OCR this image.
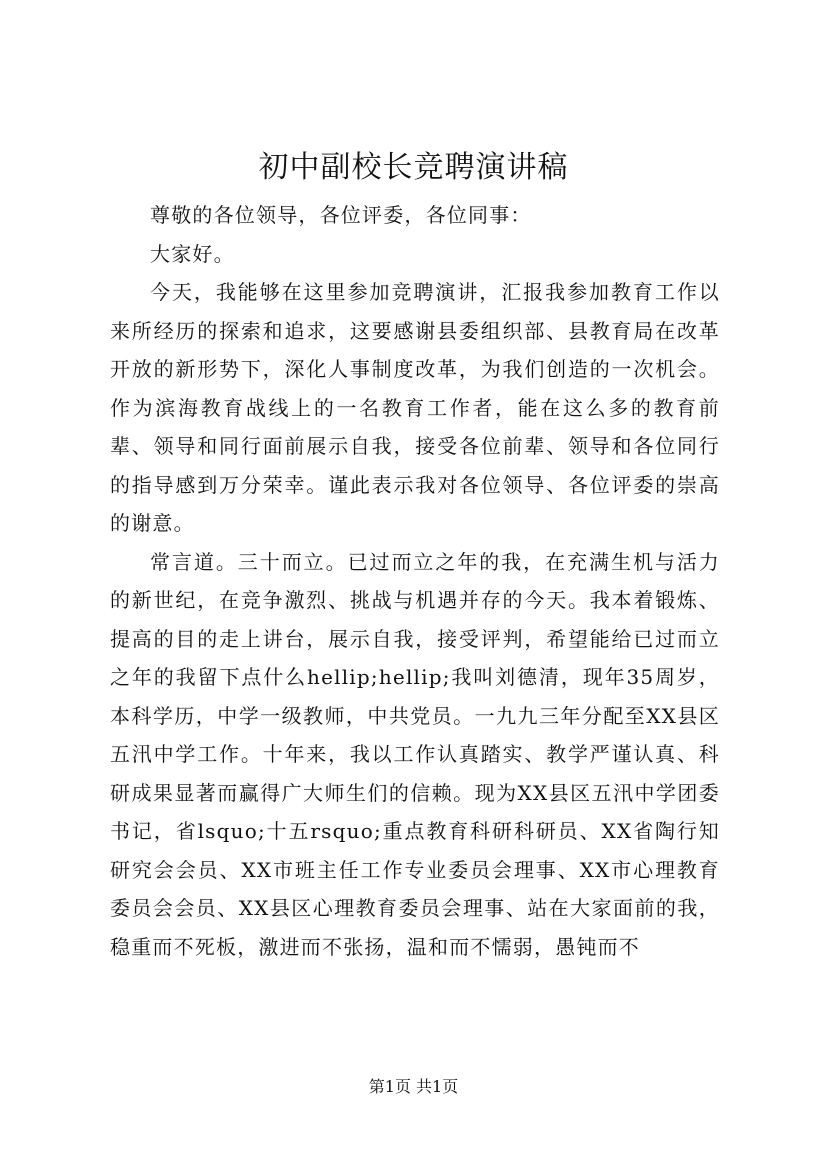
初中副校长竞聘演讲稿

尊敬的各位领导，各位评委，各位同事：

大家好。

今天，我能够在这里参加竞聘演讲，汇报我参加教育工作以来所经历的探索和追求，这要感谢县委组织部、县教育局在改革开放的新形势下，深化人事制度改革，为我们创造的一次机会。作为滨海教育战线上的一名教育工作者，能在这么多的教育前辈、领导和同行面前展示自我，接受各位前辈、领导和各位同行的指导感到万分荣幸。谨此表示我对各位领导、各位评委的崇高的谢意。

常言道。三十而立。已过而立之年的我，在充满生机与活力的新世纪，在竞争激烈、挑战与机遇并存的今天。我本着锻炼、提高的目的走上讲台，展示自我，接受评判，希望能给已过而立之年的我留下点什么hellip;hellip;我叫刘德清，现年35周岁，本科学历，中学一级教师，中共党员。一九九三年分配至XX县区五汛中学工作。十年来，我以工作认真踏实、教学严谨认真、科研成果显著而赢得广大师生们的信赖。现为XX县区五汛中学团委书记，省lsquo;十五rsquo;重点教育科研科研员、XX省陶行知研究会会员、XX市班主任工作专业委员会理事、XX市心理教育委员会会员、XX县区心理教育委员会理事、站在大家面前的我，稳重而不死板，激进而不张扬，温和而不懦弱，愚钝而不

第1页 共1页
